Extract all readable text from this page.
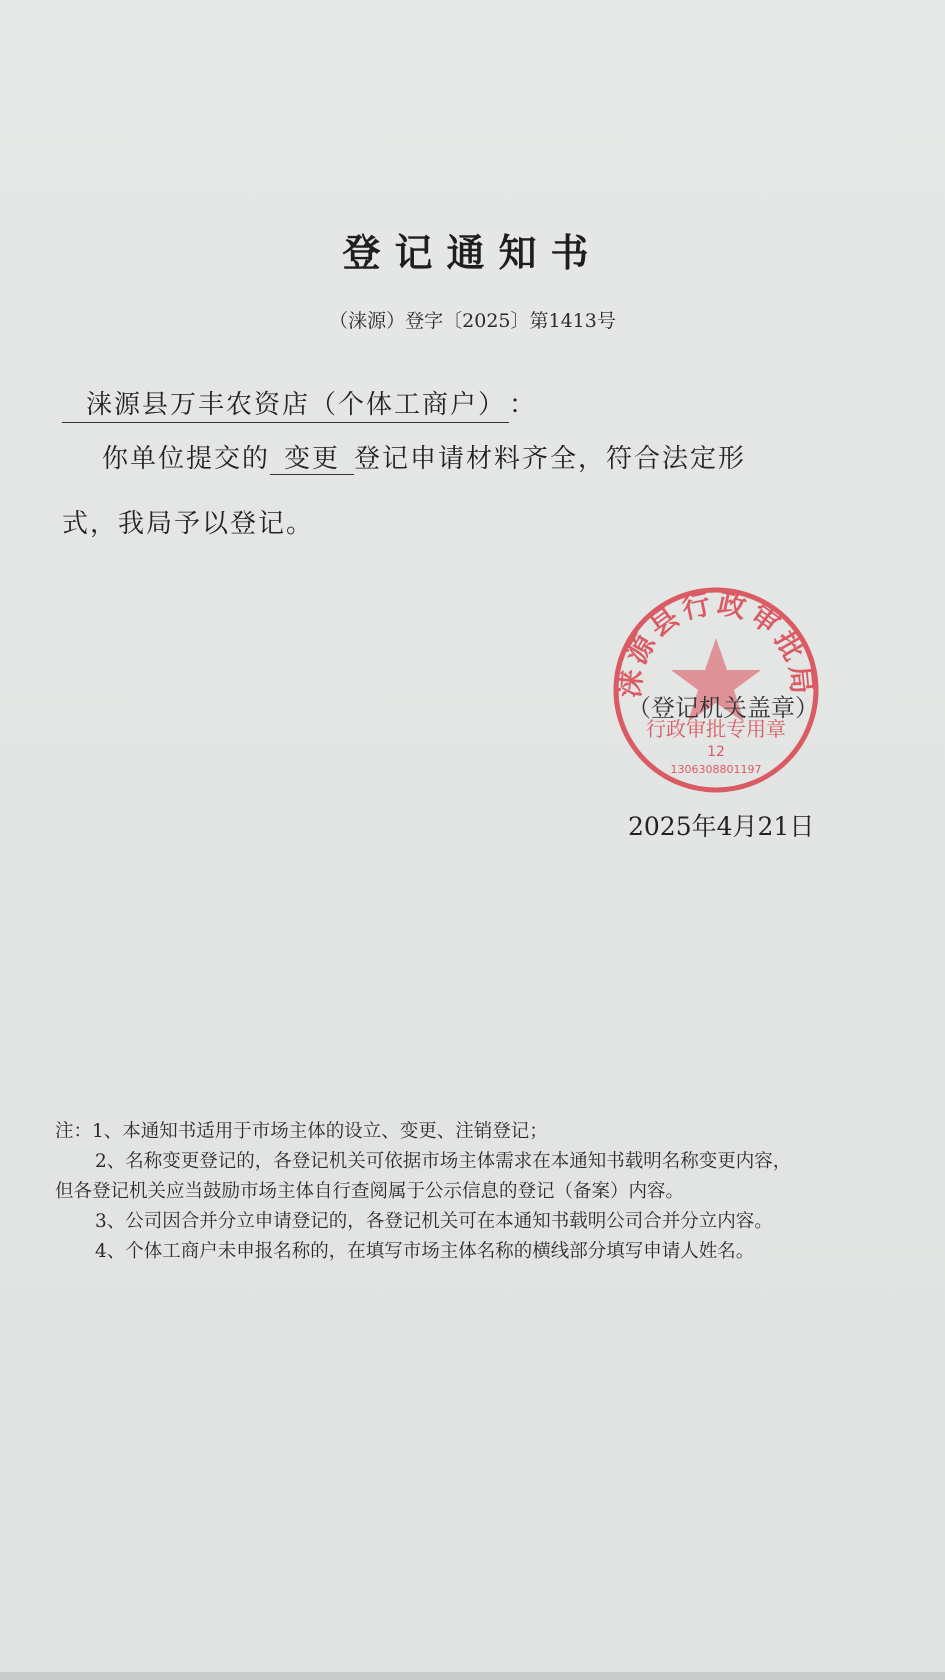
登记通知书
（涞源）登字〔2025〕第1413号
涞源县万丰农资店（个体工商户） ：
你单位提交的 变更 登记申请材料齐全，符合法定形
式，我局予以登记。
涞源县行政审批局
行政审批专用章
12
1306308801197
（登记机关盖章）
2025年4月21日
注：1、本通知书适用于市场主体的设立、变更、注销登记；
2、名称变更登记的，各登记机关可依据市场主体需求在本通知书载明名称变更内容，
但各登记机关应当鼓励市场主体自行查阅属于公示信息的登记（备案）内容。
3、公司因合并分立申请登记的，各登记机关可在本通知书载明公司合并分立内容。
4、个体工商户未申报名称的，在填写市场主体名称的横线部分填写申请人姓名。
